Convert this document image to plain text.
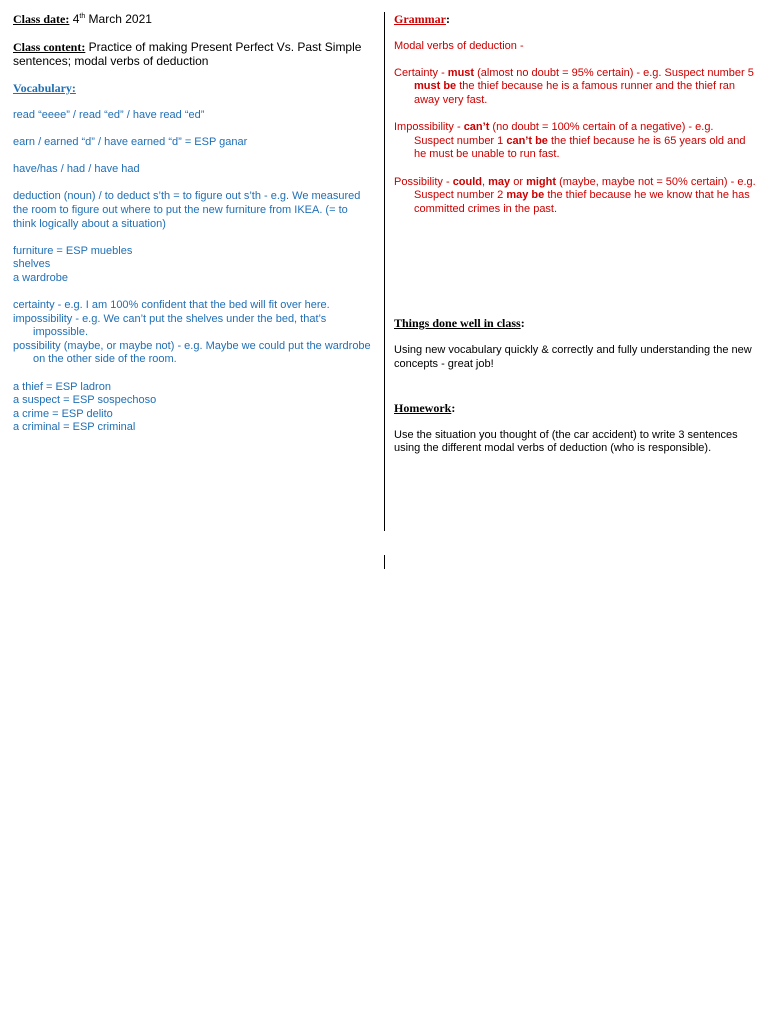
Class date: 4th March 2021

Class content: Practice of making Present Perfect Vs. Past Simple sentences; modal verbs of deduction

Vocabulary:

read “eeee” / read “ed” / have read “ed”

earn / earned “d” / have earned “d” = ESP ganar

have/has / had / have had

deduction (noun) / to deduct s’th = to figure out s’th - e.g. We measured the room to figure out where to put the new furniture from IKEA. (= to think logically about a situation)

furniture = ESP muebles

shelves

a wardrobe

certainty - e.g. I am 100% confident that the bed will fit over here.

impossibility - e.g. We can’t put the shelves under the bed, that’s impossible.

possibility (maybe, or maybe not) - e.g. Maybe we could put the wardrobe on the other side of the room.

a thief = ESP ladron

a suspect = ESP sospechoso

a crime = ESP delito

a criminal = ESP criminal

Grammar:

Modal verbs of deduction -

Certainty - must (almost no doubt = 95% certain) - e.g. Suspect number 5 must be the thief because he is a famous runner and the thief ran away very fast.

Impossibility - can’t (no doubt = 100% certain of a negative) - e.g. Suspect number 1 can’t be the thief because he is 65 years old and he must be unable to run fast.

Possibility - could, may or might (maybe, maybe not = 50% certain) - e.g. Suspect number 2 may be the thief because he we know that he has committed crimes in the past.

Things done well in class:

Using new vocabulary quickly & correctly and fully understanding the new concepts - great job!

Homework:

Use the situation you thought of (the car accident) to write 3 sentences using the different modal verbs of deduction (who is responsible).
